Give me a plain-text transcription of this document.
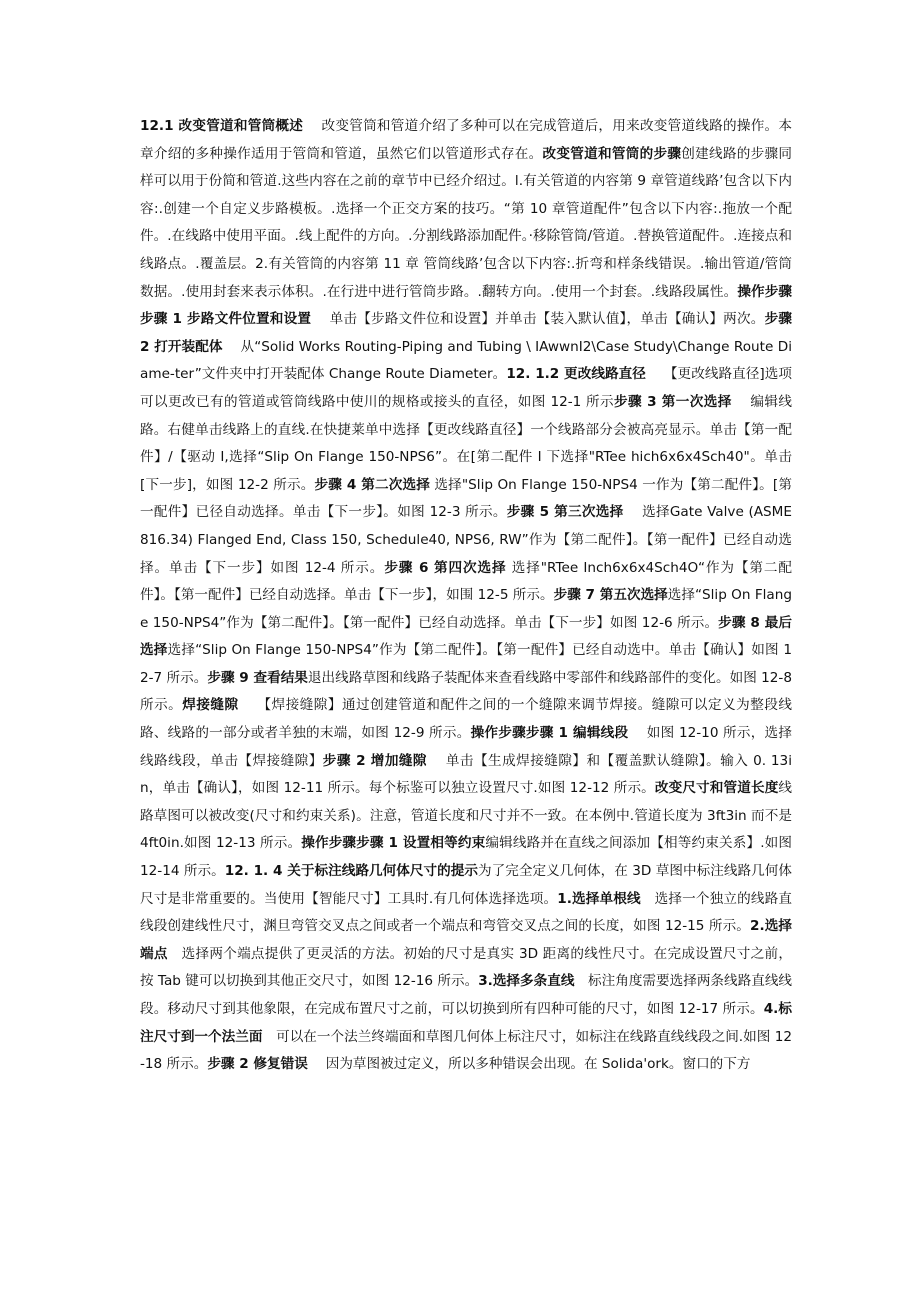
12.1 改变管道和管筒概述　 改变管筒和管道介绍了多种可以在完成管道后，用来改变管道线路的操作。本章介绍的多种操作适用于管筒和管道，虽然它们以管道形式存在。改变管道和管筒的步骤创建线路的步骤同样可以用于份简和管道.这些内容在之前的章节中已经介绍过。l.有关管道的内容第 9 章管道线路’包含以下内容:.创建一个自定义步路模板。.选择一个正交方案的技巧。“第 10 章管道配件”包含以下内容:.拖放一个配件。.在线路中使用平面。.线上配件的方向。.分割线路添加配件。·移除管筒/管道。.替换管道配件。.连接点和线路点。.覆盖层。2.有关管筒的内容第 11 章 管筒线路’包含以下内容:.折弯和样条线错误。.输出管道/管筒数据。.使用封套来表示体积。.在行进中进行管筒步路。.翻转方向。.使用一个封套。.线路段属性。操作步骤步骤 1 步路文件位置和设置　 单击【步路文件位和设置】并单击【装入默认值】，单击【确认】两次。步骤 2 打开装配体　 从“Solid Works Routing-Piping and Tubing \ IAwwnI2\Case Study\Change Route Diame-ter”文件夹中打开装配体 Change Route Diameter。12. 1.2 更改线路直径　 【更改线路直径]选项可以更改已有的管道或管筒线路中使川的规格或接头的直径，如图 12-1 所示步骤 3 第一次选择　 编辑线路。右健单击线路上的直线.在快捷莱单中选择【更改线路直径】一个线路部分会被高亮显示。单击【第一配件】/【驱动 I,选择“Slip On Flange 150-NPS6”。在[第二配件 I 下选择"RTee hich6x6x4Sch40"。单击[下一步]，如图 12-2 所示。步骤 4 第二次选择 选择"Slip On Flange 150-NPS4 一作为【第二配件】。[第一配件】已径自动选择。单击【下一步】。如图 12-3 所示。步骤 5 第三次选择　 选择Gate Valve (ASME 816.34) Flanged End, Class 150, Schedule40, NPS6, RW”作为【第二配件】。【第一配件】已经自动选择。单击【下一步】如图 12-4 所示。步骤 6 第四次选择 选择"RTee Inch6x6x4Sch4O“作为【第二配件】。【第一配件】已经自动选择。单击【下一步】，如围 12-5 所示。步骤 7 第五次选择选择“Slip On Flange 150-NPS4”作为【第二配件】。【第一配件】已经自动选择。单击【下一步】如图 12-6 所示。步骤 8 最后选择选择“Slip On Flange 150-NPS4”作为【第二配件】。【第一配件】已经自动选中。单击【确认】如图 12-7 所示。步骤 9 查看结果退出线路草图和线路子装配体来查看线路中零部件和线路部件的变化。如图 12-8 所示。焊接缝隙　 【焊接缝隙】通过创建管道和配件之间的一个缝隙来调节焊接。缝隙可以定义为整段线路、线路的一部分或者羊独的末端，如图 12-9 所示。操作步骤步骤 1 编辑线段　 如图 12-10 所示，选择线路线段，单击【焊接缝隙】步骤 2 增加缝隙　 单击【生成焊接缝隙】和【覆盖默认缝隙】。输入 0. 13in，单击【确认】，如图 12-11 所示。每个标鉴可以独立设置尺寸.如图 12-12 所示。改变尺寸和管道长度线路草图可以被改变(尺寸和约束关系)。注意，管道长度和尺寸并不一致。在本例中.管道长度为 3ft3in 而不是 4ft0in.如图 12-13 所示。操作步骤步骤 1 设置相等约束编辑线路并在直线之间添加【相等约束关系】.如图 12-14 所示。12. 1. 4 关于标注线路几何体尺寸的提示为了完全定义几何体，在 3D 草图中标注线路几何体尺寸是非常重要的。当使用【智能尺寸】工具时.有几何体选择选项。1.选择单根线　选择一个独立的线路直线段创建线性尺寸，渊旦弯管交叉点之间或者一个端点和弯管交叉点之间的长度，如图 12-15 所示。2.选择端点　选择两个端点提供了更灵活的方法。初始的尺寸是真实 3D 距离的线性尺寸。在完成设置尺寸之前，按 Tab 键可以切换到其他正交尺寸，如图 12-16 所示。3.选择多条直线　标注角度需要选择两条线路直线线段。移动尺寸到其他象限，在完成布置尺寸之前，可以切换到所有四种可能的尺寸，如图 12-17 所示。4.标注尺寸到一个法兰面　可以在一个法兰终端面和草图几何体上标注尺寸，如标注在线路直线线段之间.如图 12-18 所示。步骤 2 修复错误　 因为草图被过定义，所以多种错误会出现。在 Solida'ork。窗口的下方
